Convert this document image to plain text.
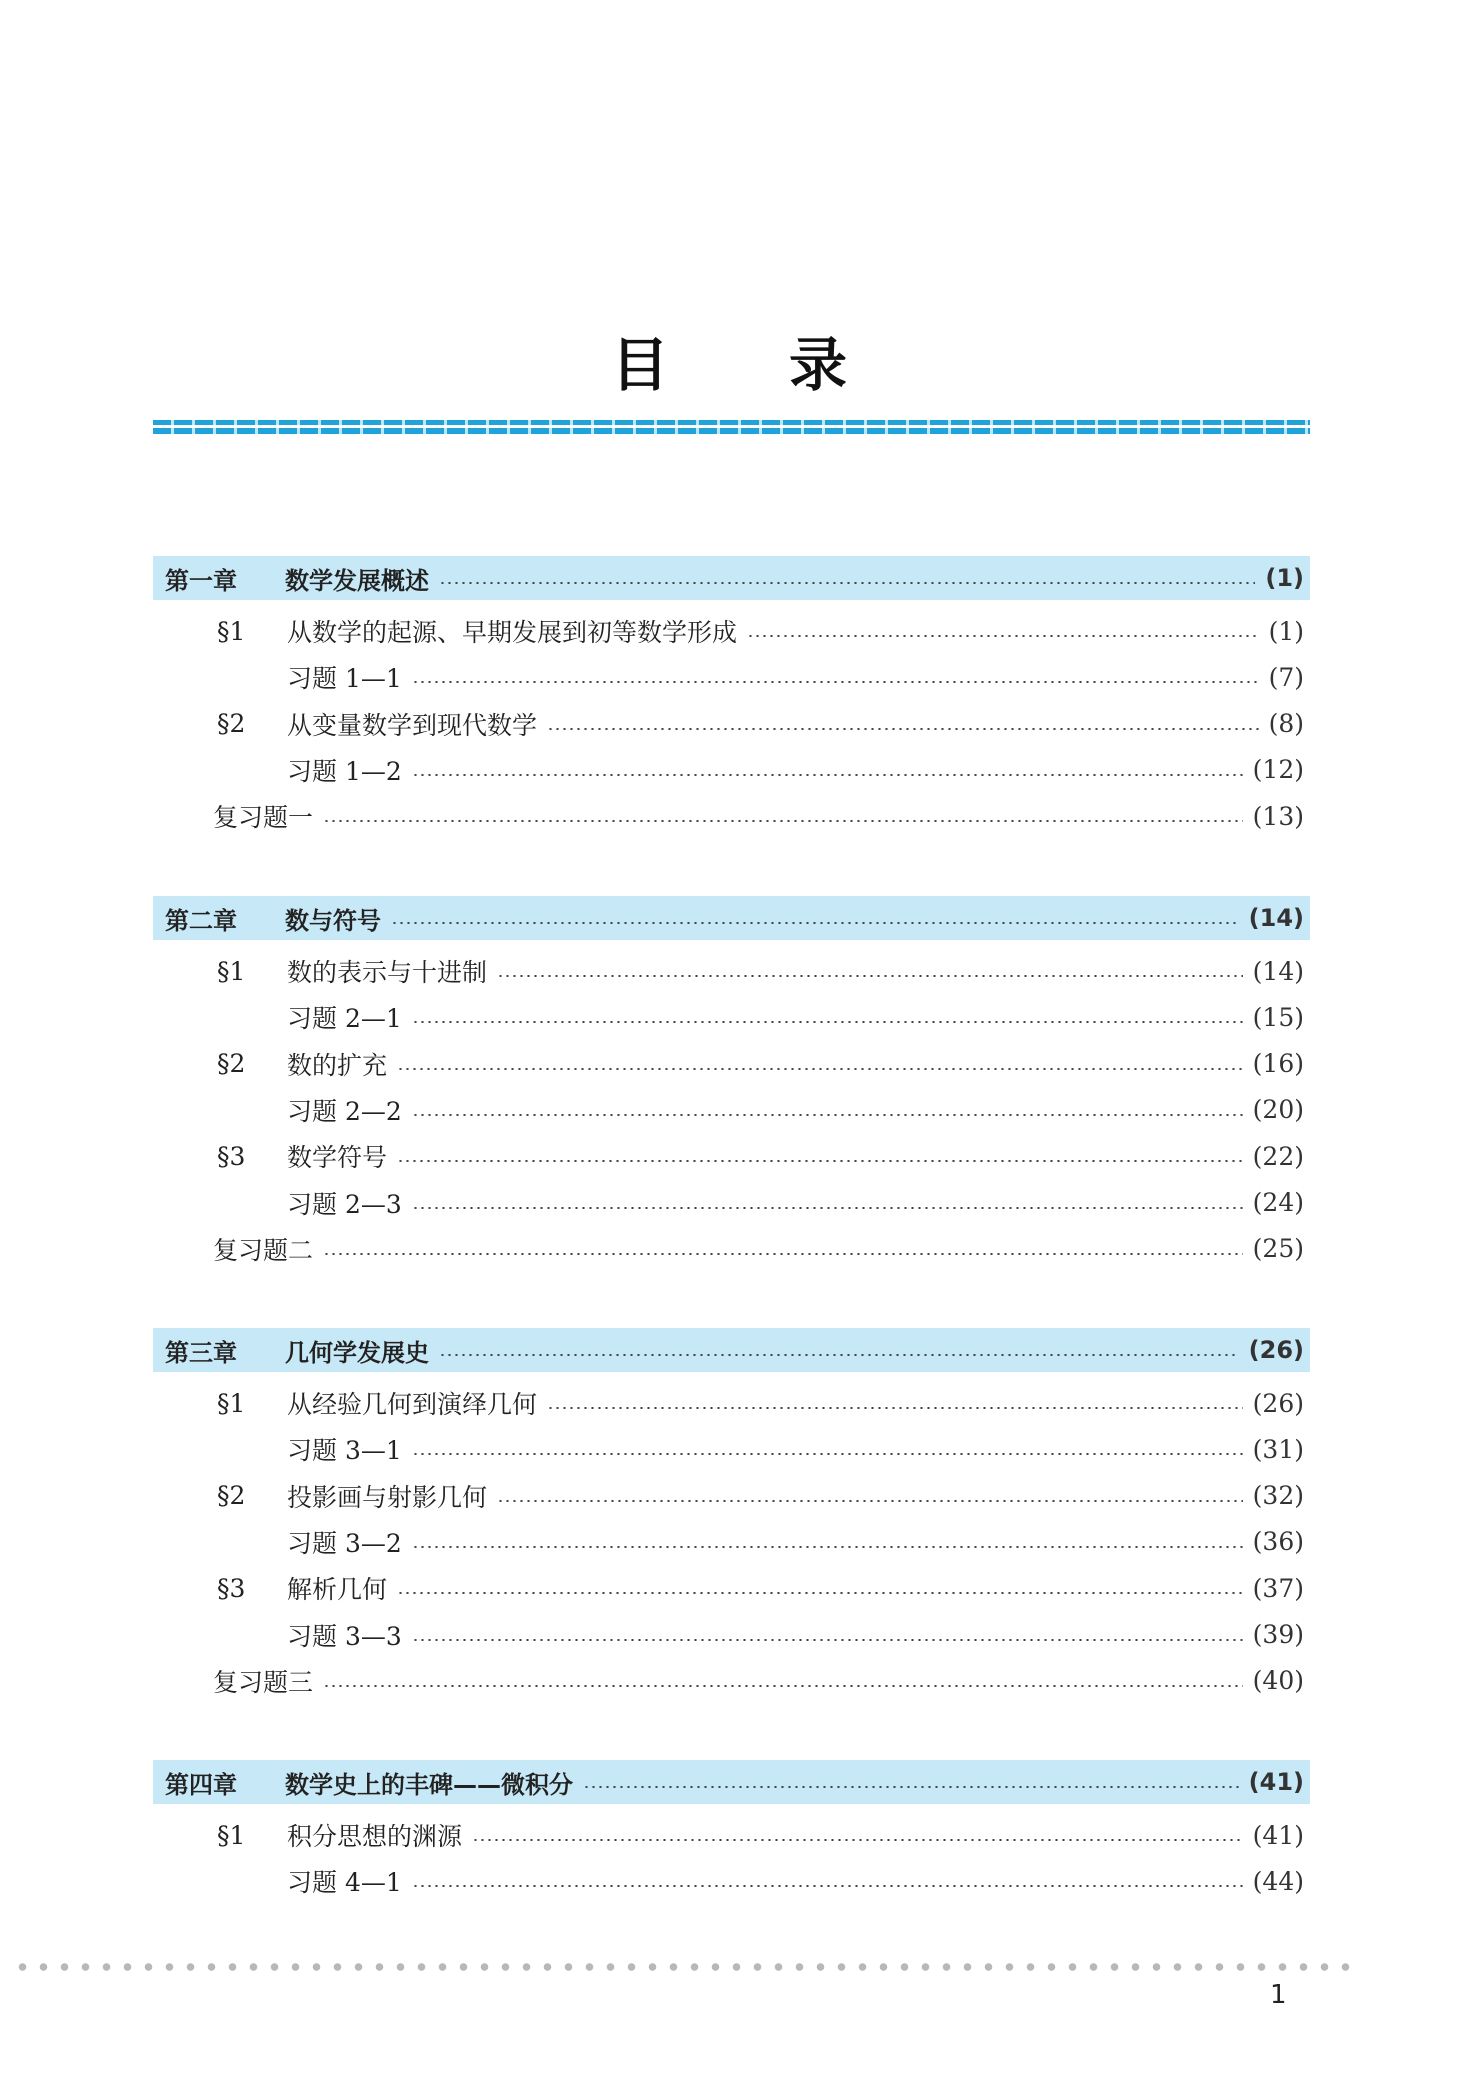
目录
第一章	数学发展概述	(1)
§1	从数学的起源、早期发展到初等数学形成	(1)
习题 1—1	(7)
§2	从变量数学到现代数学	(8)
习题 1—2	(12)
复习题一	(13)
第二章	数与符号	(14)
§1	数的表示与十进制	(14)
习题 2—1	(15)
§2	数的扩充	(16)
习题 2—2	(20)
§3	数学符号	(22)
习题 2—3	(24)
复习题二	(25)
第三章	几何学发展史	(26)
§1	从经验几何到演绎几何	(26)
习题 3—1	(31)
§2	投影画与射影几何	(32)
习题 3—2	(36)
§3	解析几何	(37)
习题 3—3	(39)
复习题三	(40)
第四章	数学史上的丰碑——微积分	(41)
§1	积分思想的渊源	(41)
习题 4—1	(44)
1
